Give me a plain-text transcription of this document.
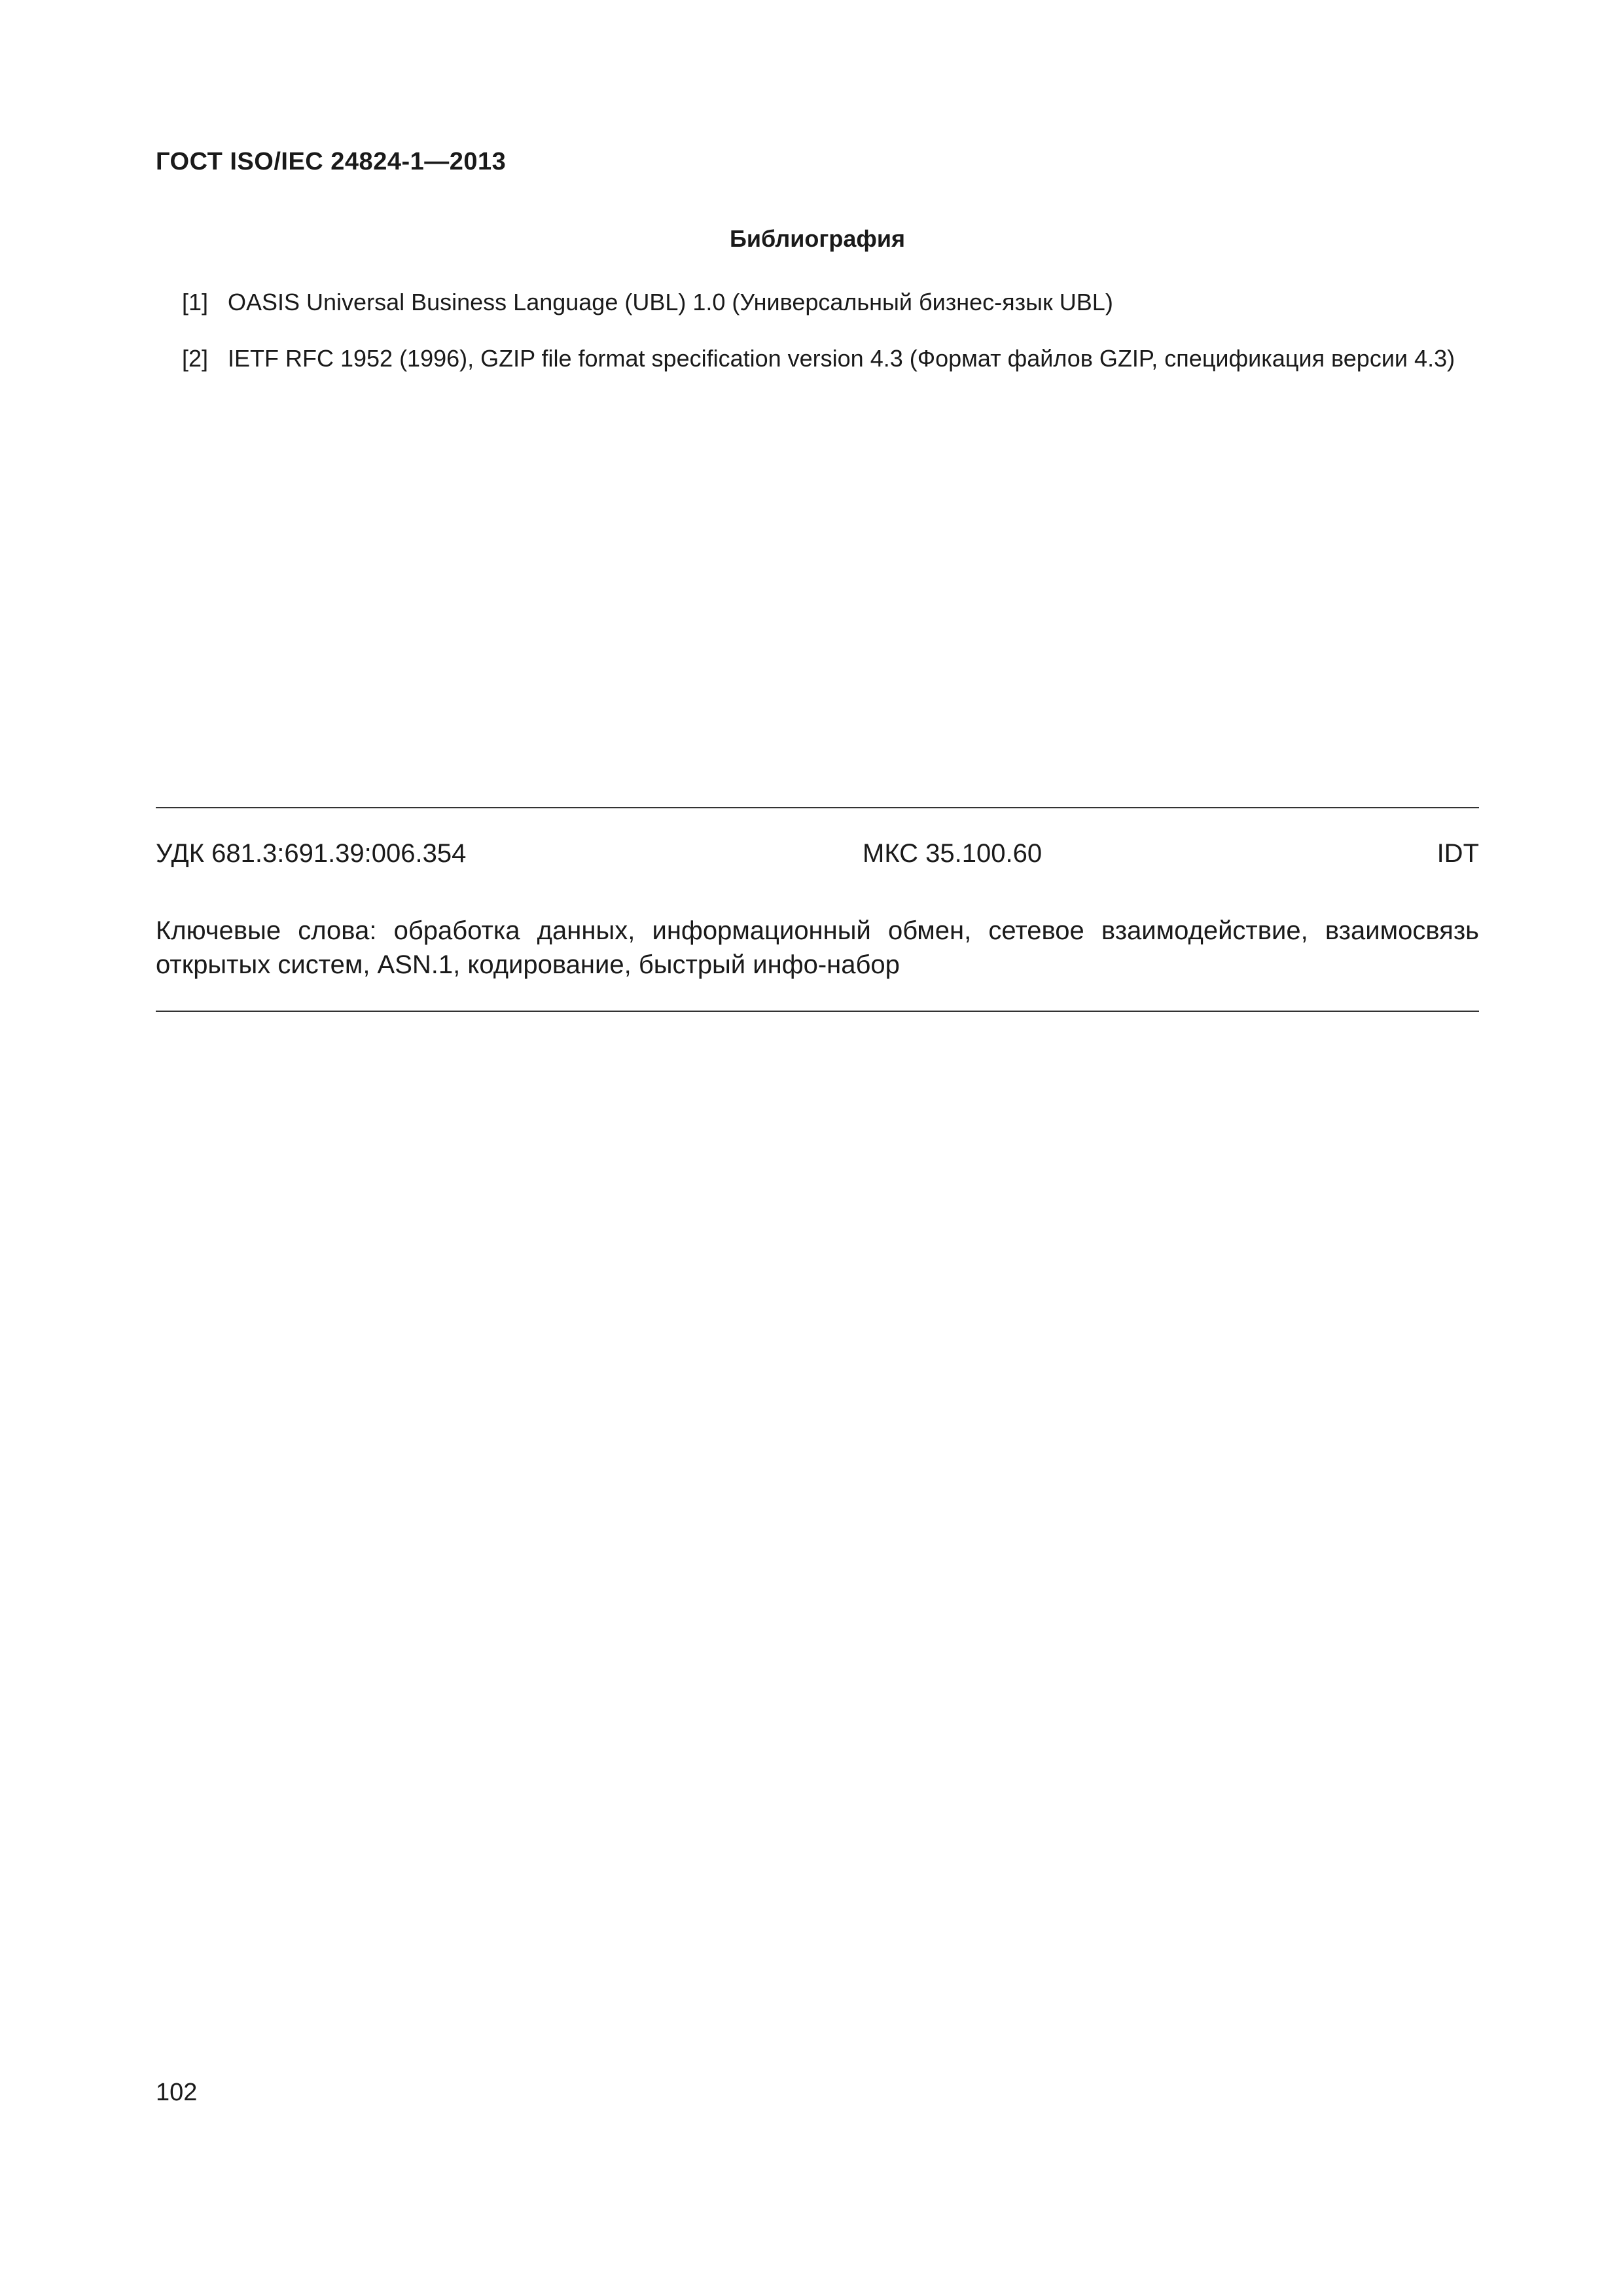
ГОСТ ISO/IEC 24824-1—2013
Библиография
[1] OASIS Universal Business Language (UBL) 1.0 (Универсальный бизнес-язык UBL)
[2] IETF RFC 1952 (1996), GZIP file format specification version 4.3 (Формат файлов GZIP, спецификация версии 4.3)
УДК 681.3:691.39:006.354	МКС 35.100.60	IDT
Ключевые слова: обработка данных, информационный обмен, сетевое взаимодействие, взаимосвязь
открытых систем, ASN.1, кодирование, быстрый инфо-набор
102
